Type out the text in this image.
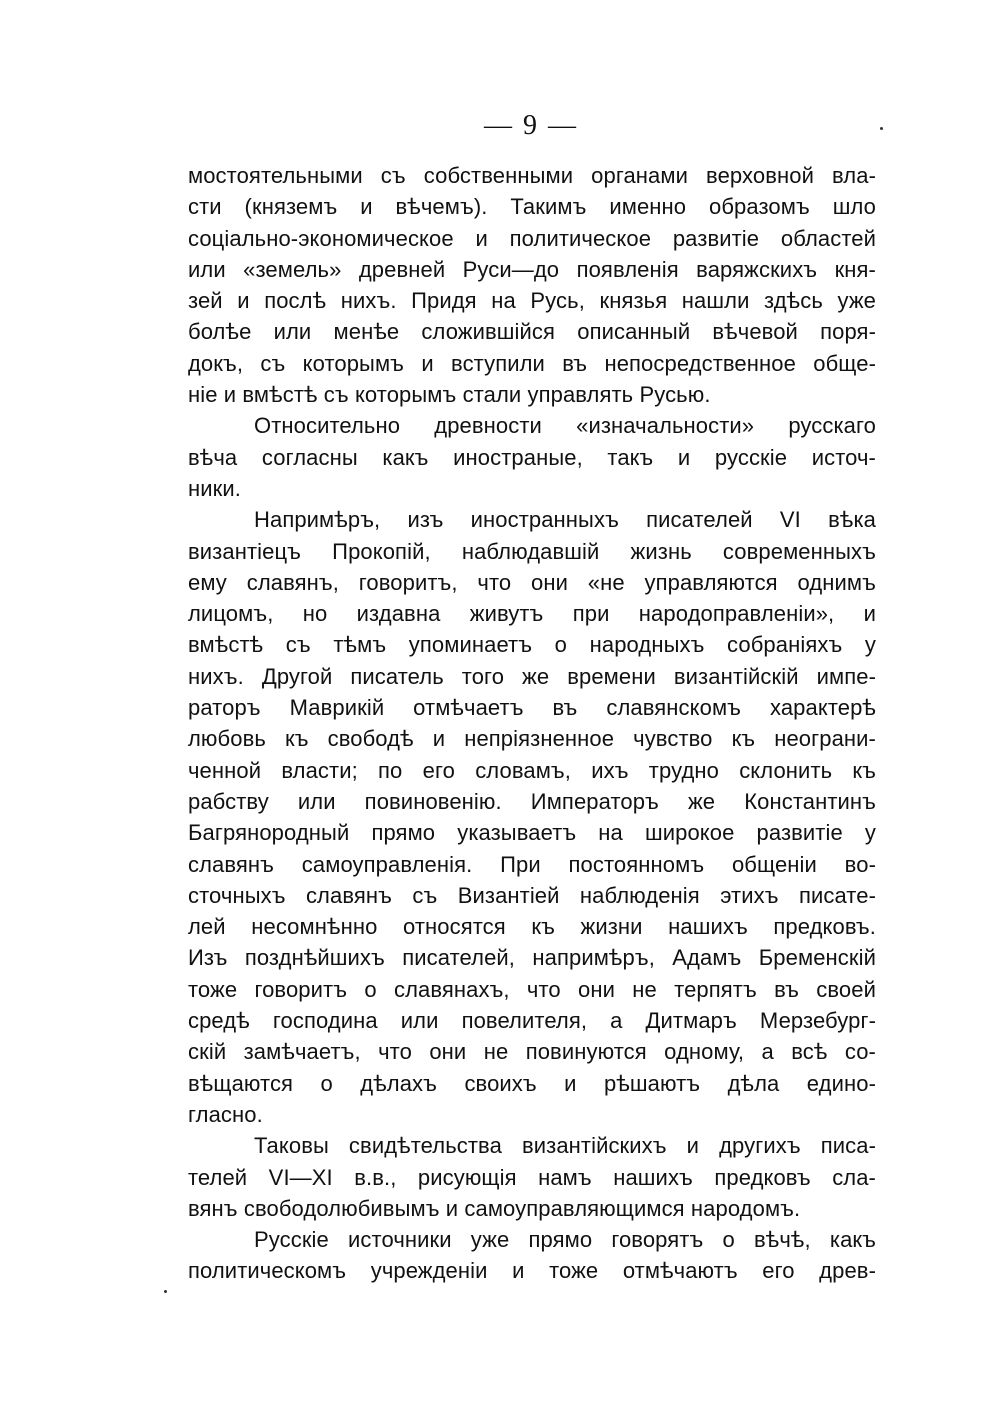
— 9 —
мостоятельными съ собственными органами верховной вла-
сти (княземъ и вѣчемъ). Такимъ именно образомъ шло
соціально-экономическое и политическое развитіе областей
или «земель» древней Руси—до появленія варяжскихъ кня-
зей и послѣ нихъ. Придя на Русь, князья нашли здѣсь уже
болѣе или менѣе сложившійся описанный вѣчевой поря-
докъ, съ которымъ и вступили въ непосредственное обще-
ніе и вмѣстѣ съ которымъ стали управлять Русью.
Относительно древности «изначальности» русскаго
вѣча согласны какъ иностраные, такъ и русскіе источ-
ники.
Напримѣръ, изъ иностранныхъ писателей VI вѣка
византіецъ Прокопій, наблюдавшій жизнь современныхъ
ему славянъ, говоритъ, что они «не управляются однимъ
лицомъ, но издавна живутъ при народоправленіи», и
вмѣстѣ съ тѣмъ упоминаетъ о народныхъ собраніяхъ у
нихъ. Другой писатель того же времени византійскій импе-
раторъ Маврикій отмѣчаетъ въ славянскомъ характерѣ
любовь къ свободѣ и непріязненное чувство къ неограни-
ченной власти; по его словамъ, ихъ трудно склонить къ
рабству или повиновенію. Императоръ же Константинъ
Багрянородный прямо указываетъ на широкое развитіе у
славянъ самоуправленія. При постоянномъ общеніи во-
сточныхъ славянъ съ Византіей наблюденія этихъ писате-
лей несомнѣнно относятся къ жизни нашихъ предковъ.
Изъ позднѣйшихъ писателей, напримѣръ, Адамъ Бременскій
тоже говоритъ о славянахъ, что они не терпятъ въ своей
средѣ господина или повелителя, а Дитмаръ Мерзебург-
скій замѣчаетъ, что они не повинуются одному, а всѣ со-
вѣщаются о дѣлахъ своихъ и рѣшаютъ дѣла едино-
гласно.
Таковы свидѣтельства византійскихъ и другихъ писа-
телей VI—XI в.в., рисующія намъ нашихъ предковъ сла-
вянъ свободолюбивымъ и самоуправляющимся народомъ.
Русскіе источники уже прямо говорятъ о вѣчѣ, какъ
политическомъ учрежденіи и тоже отмѣчаютъ его древ-
